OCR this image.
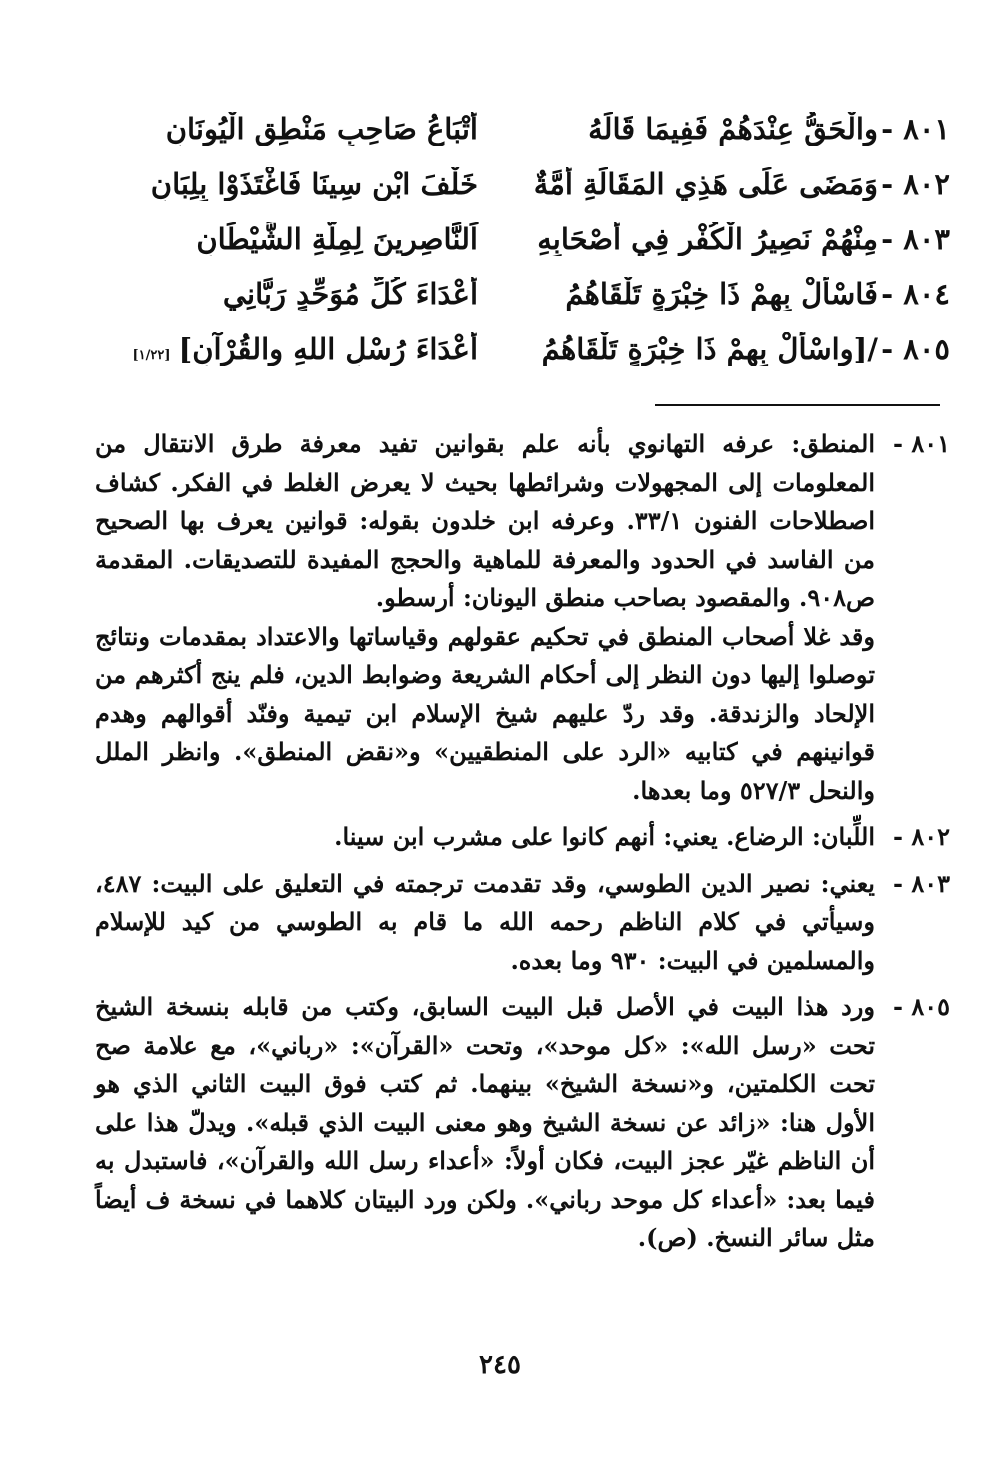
٨٠١ -
والْحَقُّ عِنْدَهُمْ فَفِيمَا قَالَهُ
أَتْبَاعُ صَاحِبِ مَنْطِقِ الْيُونَانِ
٨٠٢ -
وَمَضَى عَلَى هَذِي المَقَالَةِ أُمَّةٌ
خَلْفَ ابْنِ سِينَا فَاغْتَذَوْا بِلِبَانِ
٨٠٣ -
مِنْهُمْ نَصِيرُ الْكُفْرِ فِي أَصْحَابِهِ
اَلنَّاصِرِينَ لِمِلَّةِ الشَّيْطَانِ
٨٠٤ -
فَاسْأَلْ بِهِمْ ذَا خِبْرَةٍ تَلْقَاهُمُ
أَعْدَاءَ كُلِّ مُوَحِّدٍ رَبَّانِي
٨٠٥ -
/[واسْأَلْ بِهِمْ ذَا خِبْرَةٍ تَلْقَاهُمُ
أَعْدَاءَ رُسْلِ اللهِ والقُرْآنِ][١/٢٢]
٨٠١ -

المنطق: عرفه التهانوي بأنه علم بقوانين تفيد معرفة طرق الانتقال من المعلومات إلى المجهولات وشرائطها بحيث لا يعرض الغلط في الفكر. كشاف اصطلاحات الفنون ٣٣/١. وعرفه ابن خلدون بقوله: قوانين يعرف بها الصحيح من الفاسد في الحدود والمعرفة للماهية والحجج المفيدة للتصديقات. المقدمة ص٩٠٨. والمقصود بصاحب منطق اليونان: أرسطو.

وقد غلا أصحاب المنطق في تحكيم عقولهم وقياساتها والاعتداد بمقدمات ونتائج توصلوا إليها دون النظر إلى أحكام الشريعة وضوابط الدين، فلم ينج أكثرهم من الإلحاد والزندقة. وقد ردّ عليهم شيخ الإسلام ابن تيمية وفنّد أقوالهم وهدم قوانينهم في كتابيه «الرد على المنطقيين» و«نقض المنطق». وانظر الملل والنحل ٥٢٧/٣ وما بعدها.

٨٠٢ -

اللِّبان: الرضاع. يعني: أنهم كانوا على مشرب ابن سينا.

٨٠٣ -

يعني: نصير الدين الطوسي، وقد تقدمت ترجمته في التعليق على البيت: ٤٨٧، وسيأتي في كلام الناظم رحمه الله ما قام به الطوسي من كيد للإسلام والمسلمين في البيت: ٩٣٠ وما بعده.

٨٠٥ -

ورد هذا البيت في الأصل قبل البيت السابق، وكتب من قابله بنسخة الشيخ تحت «رسل الله»: «كل موحد»، وتحت «القرآن»: «رباني»، مع علامة صح تحت الكلمتين، و«نسخة الشيخ» بينهما. ثم كتب فوق البيت الثاني الذي هو الأول هنا: «زائد عن نسخة الشيخ وهو معنى البيت الذي قبله». ويدلّ هذا على أن الناظم غيّر عجز البيت، فكان أولاً: «أعداء رسل الله والقرآن»، فاستبدل به فيما بعد: «أعداء كل موحد رباني». ولكن ورد البيتان كلاهما في نسخة ف أيضاً مثل سائر النسخ. (ص).

٢٤٥
